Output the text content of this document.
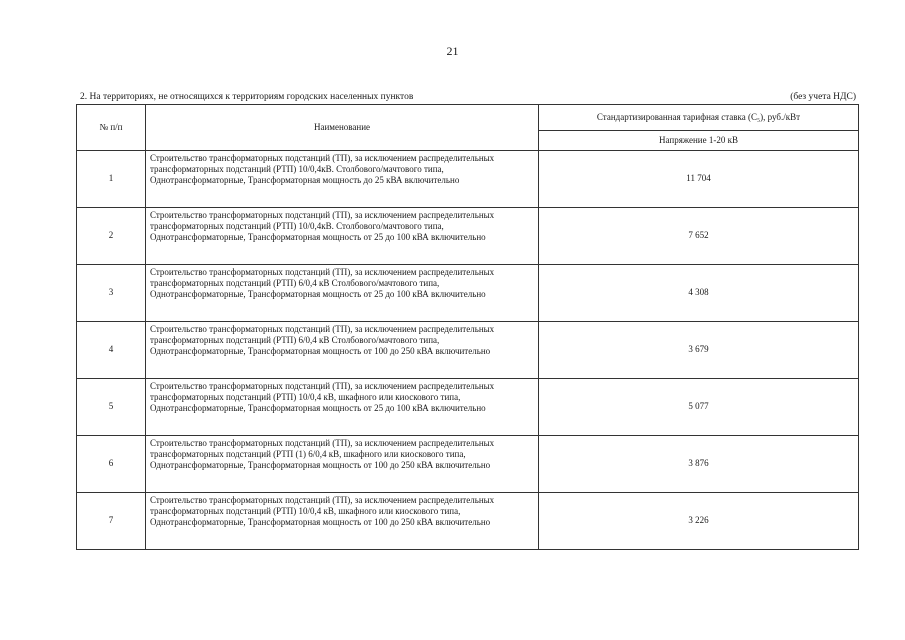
21
2. На территориях, не относящихся к территориям городских населенных пунктов	(без учета НДС)
№ п/п	Наименование	Стандартизированная тарифная ставка (C₅), руб./кВт
		Напряжение 1-20 кВ
1	Строительство трансформаторных подстанций (ТП), за исключением распределительных трансформаторных подстанций (РТП) 10/0,4кВ. Столбового/мачтового типа, Однотрансформаторные, Трансформаторная мощность до 25 кВА включительно	11 704
2	Строительство трансформаторных подстанций (ТП), за исключением распределительных трансформаторных подстанций (РТП) 10/0,4кВ. Столбового/мачтового типа, Однотрансформаторные, Трансформаторная мощность от 25 до 100 кВА включительно	7 652
3	Строительство трансформаторных подстанций (ТП), за исключением распределительных трансформаторных подстанций (РТП) 6/0,4 кВ Столбового/мачтового типа, Однотрансформаторные, Трансформаторная мощность от 25 до 100 кВА включительно	4 308
4	Строительство трансформаторных подстанций (ТП), за исключением распределительных трансформаторных подстанций (РТП) 6/0,4 кВ Столбового/мачтового типа, Однотрансформаторные, Трансформаторная мощность от 100 до 250 кВА включительно	3 679
5	Строительство трансформаторных подстанций (ТП), за исключением распределительных трансформаторных подстанций (РТП) 10/0,4 кВ, шкафного или киоскового типа, Однотрансформаторные, Трансформаторная мощность от 25 до 100 кВА включительно	5 077
6	Строительство трансформаторных подстанций (ТП), за исключением распределительных трансформаторных подстанций (РТП (1) 6/0,4 кВ, шкафного или киоскового типа, Однотрансформаторные, Трансформаторная мощность от 100 до 250 кВА включительно	3 876
7	Строительство трансформаторных подстанций (ТП), за исключением распределительных трансформаторных подстанций (РТП) 10/0,4 кВ, шкафного или киоскового типа, Однотрансформаторные, Трансформаторная мощность от 100 до 250 кВА включительно	3 226
